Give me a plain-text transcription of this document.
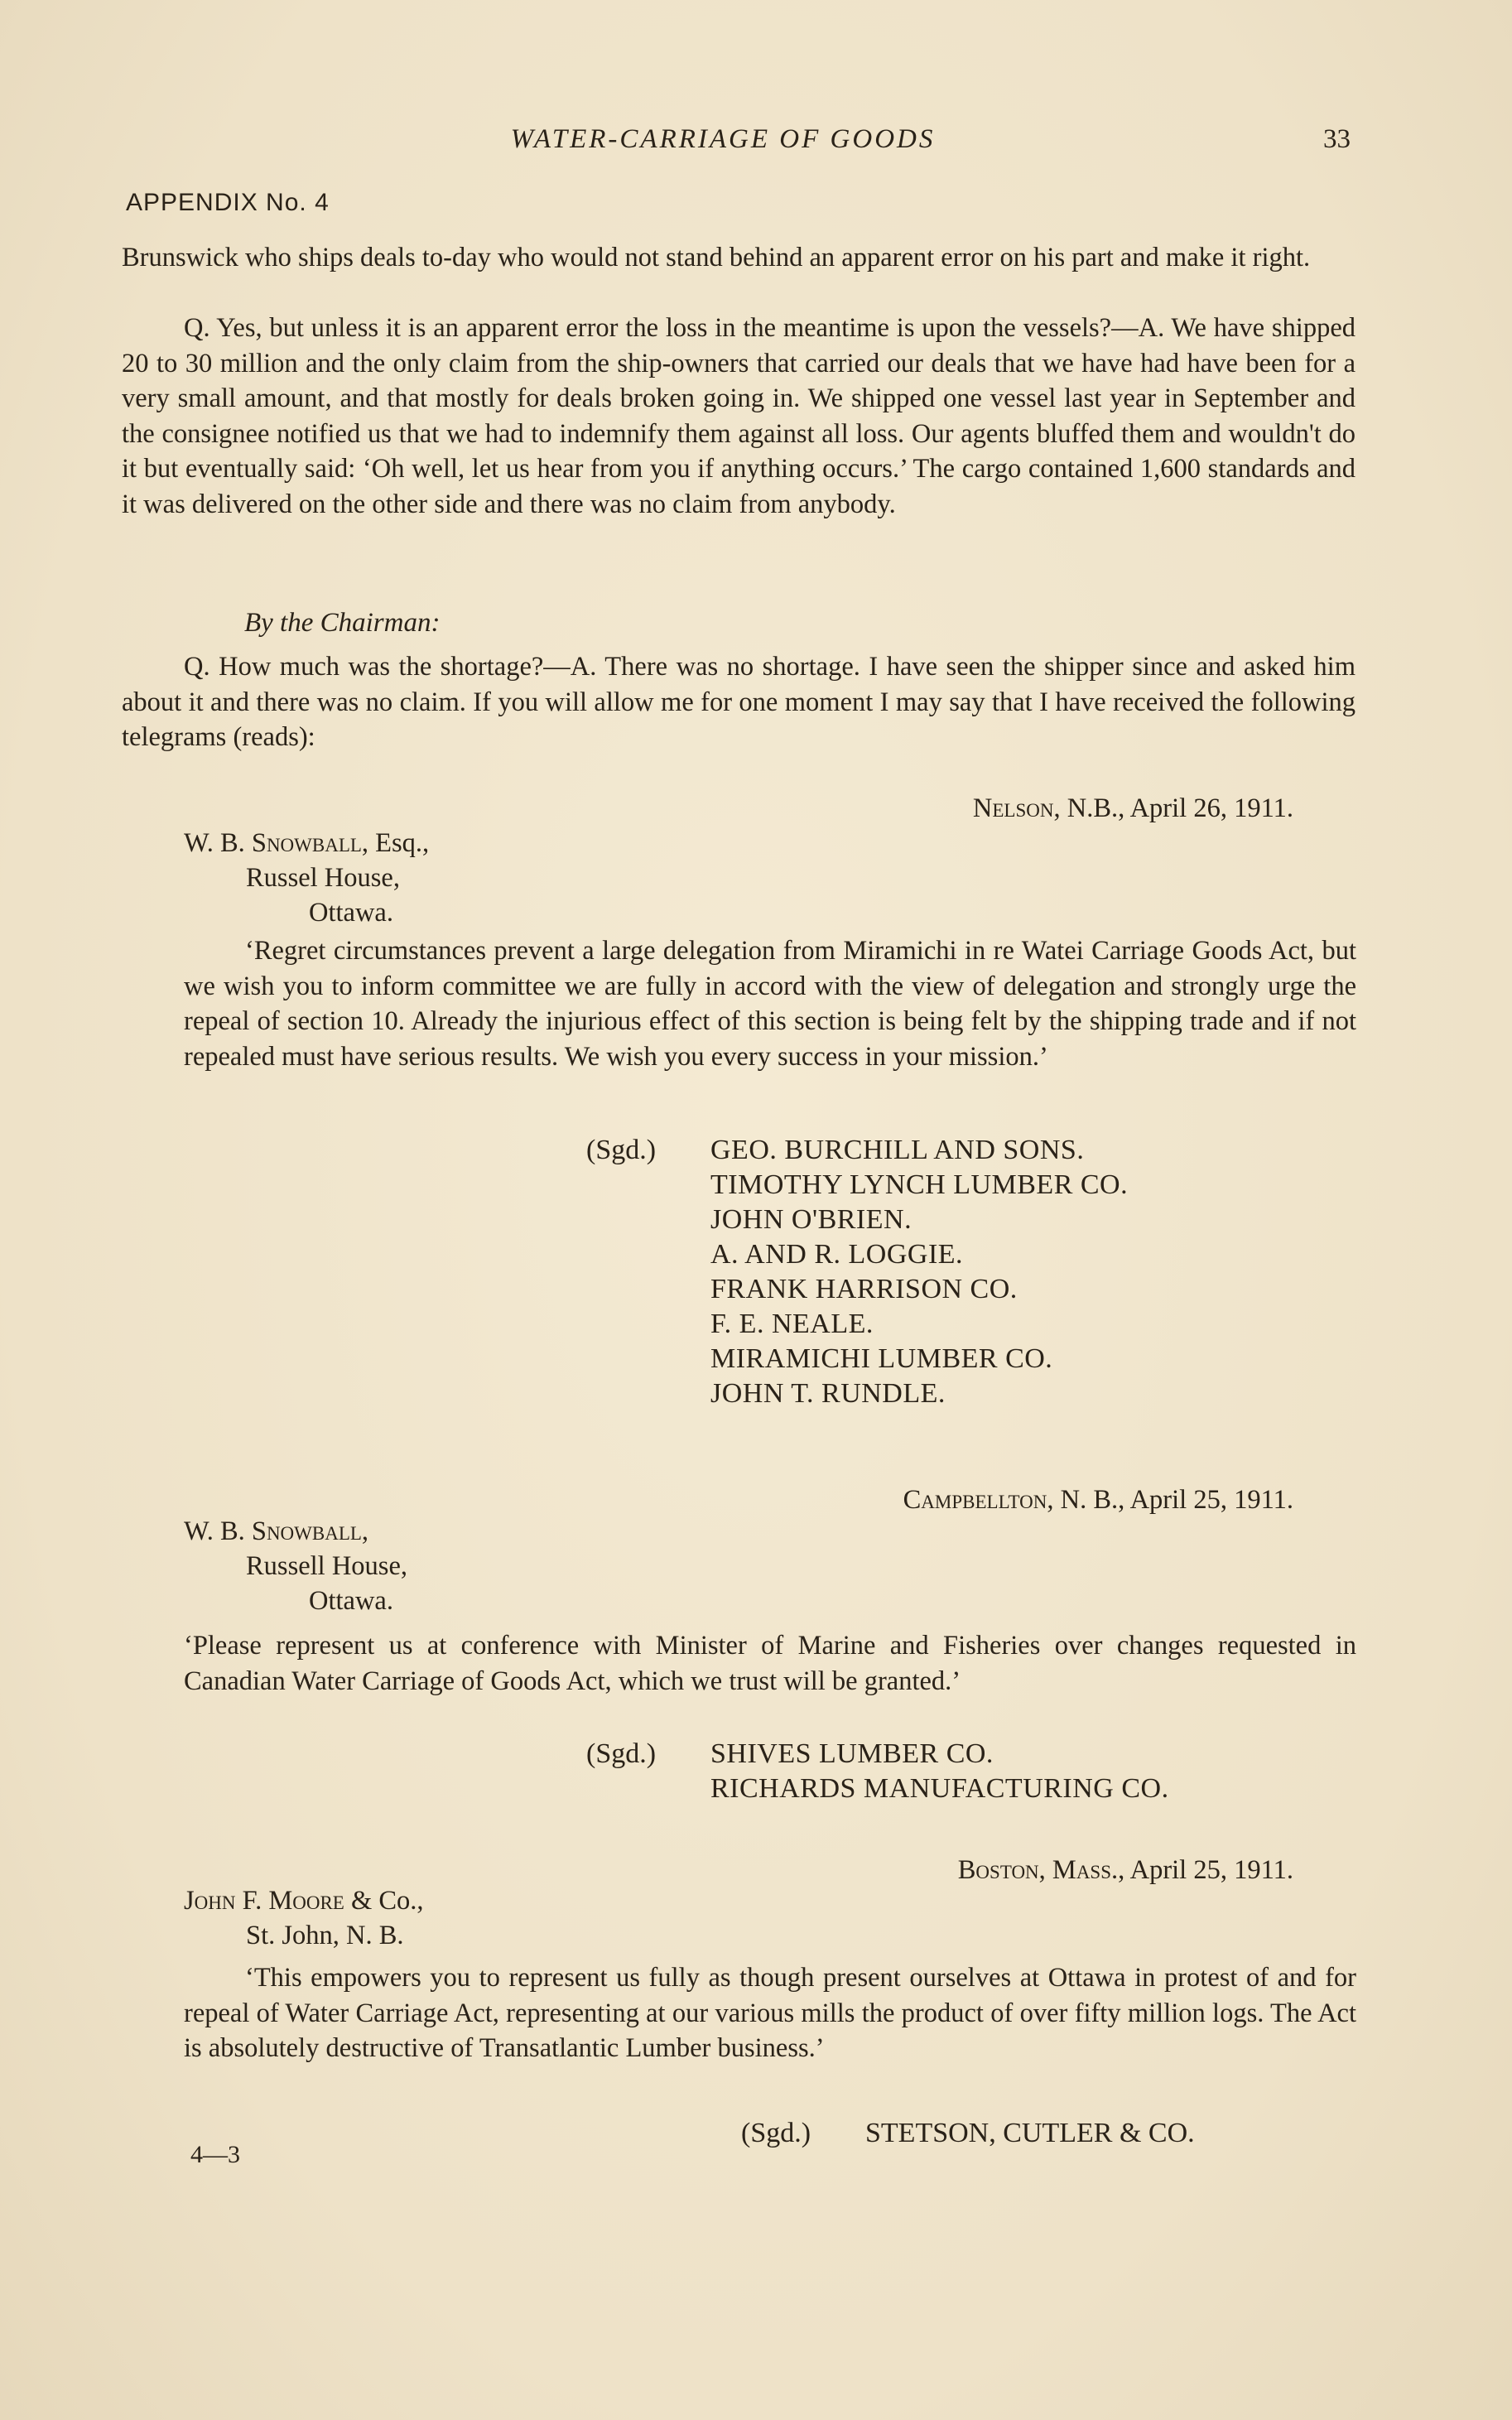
WATER-CARRIAGE OF GOODS	33
APPENDIX No. 4

Brunswick who ships deals to-day who would not stand behind an apparent error on his part and make it right.

Q. Yes, but unless it is an apparent error the loss in the meantime is upon the vessels?—A. We have shipped 20 to 30 million and the only claim from the ship-owners that carried our deals that we have had have been for a very small amount, and that mostly for deals broken going in. We shipped one vessel last year in September and the consignee notified us that we had to indemnify them against all loss. Our agents bluffed them and wouldn't do it but eventually said: ‘Oh well, let us hear from you if anything occurs.’ The cargo contained 1,600 standards and it was delivered on the other side and there was no claim from anybody.

By the Chairman:

Q. How much was the shortage?—A. There was no shortage. I have seen the shipper since and asked him about it and there was no claim. If you will allow me for one moment I may say that I have received the following telegrams (reads):

Nelson, N.B., April 26, 1911.
W. B. Snowball, Esq.,
Russel House,
Ottawa.

‘Regret circumstances prevent a large delegation from Miramichi in re Watei Carriage Goods Act, but we wish you to inform committee we are fully in accord with the view of delegation and strongly urge the repeal of section 10. Already the injurious effect of this section is being felt by the shipping trade and if not repealed must have serious results. We wish you every success in your mission.’

(Sgd.) GEO. BURCHILL AND SONS.
TIMOTHY LYNCH LUMBER CO.
JOHN O'BRIEN.
A. AND R. LOGGIE.
FRANK HARRISON CO.
F. E. NEALE.
MIRAMICHI LUMBER CO.
JOHN T. RUNDLE.
Campbellton, N. B., April 25, 1911.
W. B. Snowball,
Russell House,
Ottawa.

‘Please represent us at conference with Minister of Marine and Fisheries over changes requested in Canadian Water Carriage of Goods Act, which we trust will be granted.’

(Sgd.) SHIVES LUMBER CO.
RICHARDS MANUFACTURING CO.
Boston, Mass., April 25, 1911.
John F. Moore & Co.,
St. John, N. B.

‘This empowers you to represent us fully as though present ourselves at Ottawa in protest of and for repeal of Water Carriage Act, representing at our various mills the product of over fifty million logs. The Act is absolutely destructive of Transatlantic Lumber business.’

(Sgd.) STETSON, CUTLER & CO.
4—3
